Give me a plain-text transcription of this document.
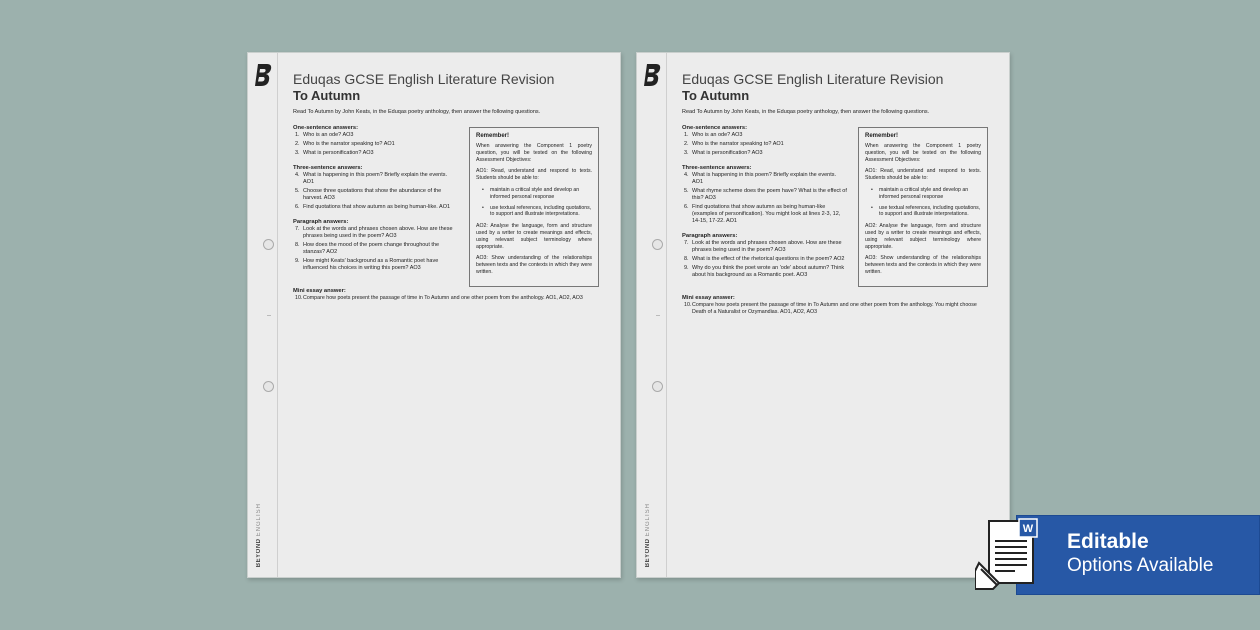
BEYOND ENGLISH
Eduqas GCSE English Literature Revision
To Autumn
Read To Autumn by John Keats, in the Eduqas poetry anthology, then answer the following questions.
One-sentence answers:
1. Who is an ode? AO3
2. Who is the narrator speaking to? AO1
3. What is personification? AO3
Three-sentence answers:
4. What is happening in this poem? Briefly explain the events. AO1
5. Choose three quotations that show the abundance of the harvest. AO3
6. Find quotations that show autumn as being human-like. AO1
Paragraph answers:
7. Look at the words and phrases chosen above. How are these phrases being used in the poem? AO3
8. How does the mood of the poem change throughout the stanzas? AO2
9. How might Keats' background as a Romantic poet have influenced his choices in writing this poem? AO3
Remember!

When answering the Component 1 poetry question, you will be tested on the following Assessment Objectives:

AO1: Read, understand and respond to texts. Students should be able to:

•	maintain a critical style and develop an informed personal response
•	use textual references, including quotations, to support and illustrate interpretations.

AO2: Analyse the language, form and structure used by a writer to create meanings and effects, using relevant subject terminology where appropriate.

AO3: Show understanding of the relationships between texts and the contexts in which they were written.

Mini essay answer:
10. Compare how poets present the passage of time in To Autumn and one other poem from the anthology. AO1, AO2, AO3
BEYOND ENGLISH
Eduqas GCSE English Literature Revision
To Autumn
Read To Autumn by John Keats, in the Eduqas poetry anthology, then answer the following questions.
One-sentence answers:
1. Who is an ode? AO3
2. Who is the narrator speaking to? AO1
3. What is personification? AO3
Three-sentence answers:
4. What is happening in this poem? Briefly explain the events. AO1
5. What rhyme scheme does the poem have? What is the effect of this? AO3
6. Find quotations that show autumn as being human-like (examples of personification). You might look at lines 2-3, 12, 14-15, 17-22. AO1
Paragraph answers:
7. Look at the words and phrases chosen above. How are these phrases being used in the poem? AO3
8. What is the effect of the rhetorical questions in the poem? AO2
9. Why do you think the poet wrote an 'ode' about autumn? Think about his background as a Romantic poet. AO3
Remember!

When answering the Component 1 poetry question, you will be tested on the following Assessment Objectives:

AO1: Read, understand and respond to texts. Students should be able to:

•	maintain a critical style and develop an informed personal response
•	use textual references, including quotations, to support and illustrate interpretations.

AO2: Analyse the language, form and structure used by a writer to create meanings and effects, using relevant subject terminology where appropriate.

AO3: Show understanding of the relationships between texts and the contexts in which they were written.

Mini essay answer:
10. Compare how poets present the passage of time in To Autumn and one other poem from the anthology. You might choose Death of a Naturalist or Ozymandias. AO1, AO2, AO3
Editable
Options Available
W
